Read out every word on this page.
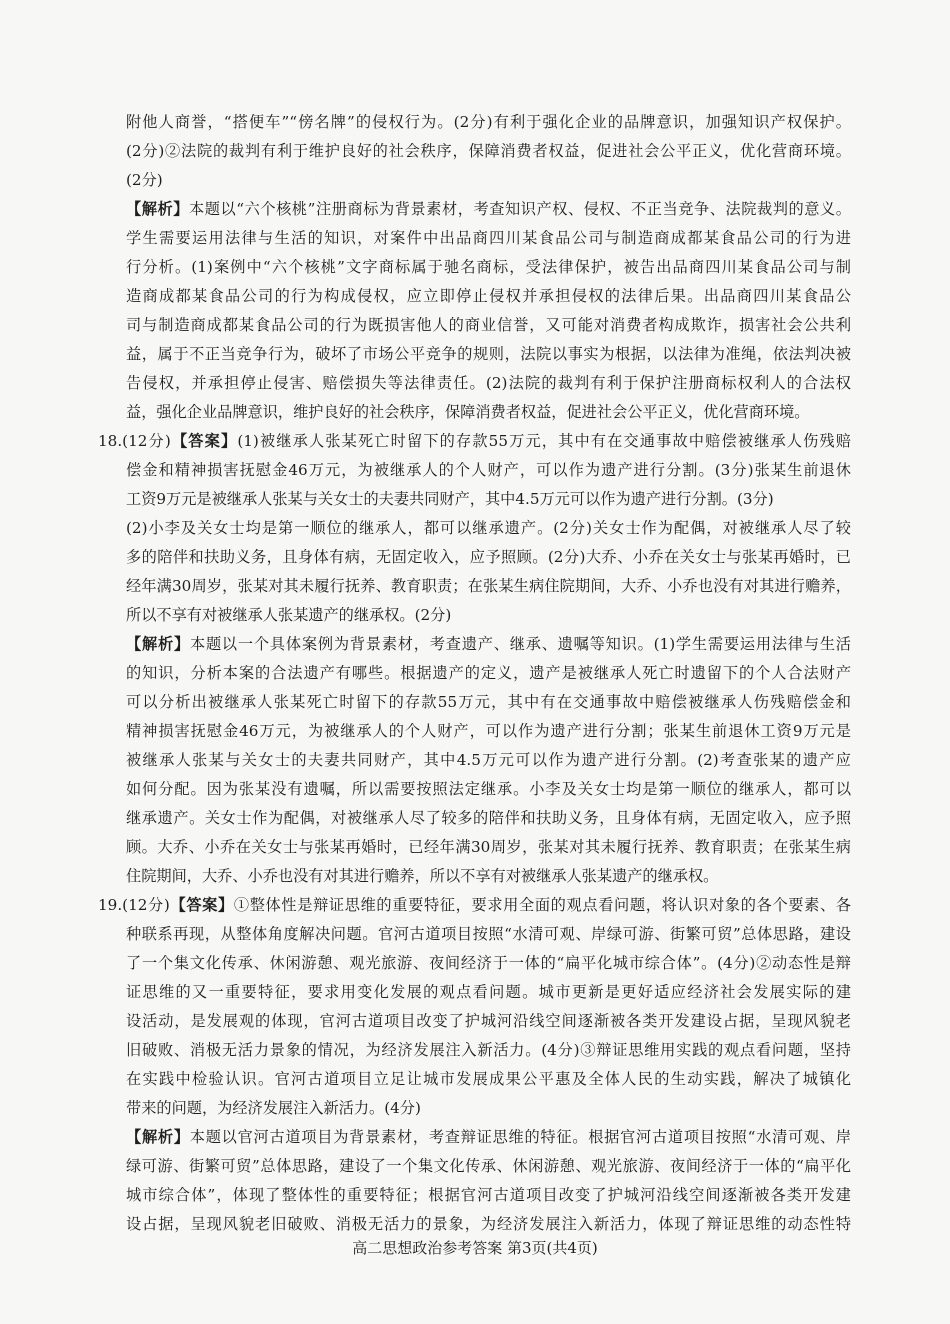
附他人商誉，“搭便车”“傍名牌”的侵权行为。(2分)有利于强化企业的品牌意识，加强知识产权保护。
(2分)②法院的裁判有利于维护良好的社会秩序，保障消费者权益，促进社会公平正义，优化营商环境。
(2分)
【解析】本题以“六个核桃”注册商标为背景素材，考查知识产权、侵权、不正当竞争、法院裁判的意义。
学生需要运用法律与生活的知识，对案件中出品商四川某食品公司与制造商成都某食品公司的行为进
行分析。(1)案例中“六个核桃”文字商标属于驰名商标，受法律保护，被告出品商四川某食品公司与制
造商成都某食品公司的行为构成侵权，应立即停止侵权并承担侵权的法律后果。出品商四川某食品公
司与制造商成都某食品公司的行为既损害他人的商业信誉，又可能对消费者构成欺诈，损害社会公共利
益，属于不正当竞争行为，破坏了市场公平竞争的规则，法院以事实为根据，以法律为准绳，依法判决被
告侵权，并承担停止侵害、赔偿损失等法律责任。(2)法院的裁判有利于保护注册商标权利人的合法权
益，强化企业品牌意识，维护良好的社会秩序，保障消费者权益，促进社会公平正义，优化营商环境。
18.(12分)【答案】(1)被继承人张某死亡时留下的存款55万元，其中有在交通事故中赔偿被继承人伤残赔
偿金和精神损害抚慰金46万元，为被继承人的个人财产，可以作为遗产进行分割。(3分)张某生前退休
工资9万元是被继承人张某与关女士的夫妻共同财产，其中4.5万元可以作为遗产进行分割。(3分)
(2)小李及关女士均是第一顺位的继承人，都可以继承遗产。(2分)关女士作为配偶，对被继承人尽了较
多的陪伴和扶助义务，且身体有病，无固定收入，应予照顾。(2分)大乔、小乔在关女士与张某再婚时，已
经年满30周岁，张某对其未履行抚养、教育职责；在张某生病住院期间，大乔、小乔也没有对其进行赡养，
所以不享有对被继承人张某遗产的继承权。(2分)
【解析】本题以一个具体案例为背景素材，考查遗产、继承、遗嘱等知识。(1)学生需要运用法律与生活
的知识，分析本案的合法遗产有哪些。根据遗产的定义，遗产是被继承人死亡时遗留下的个人合法财产
可以分析出被继承人张某死亡时留下的存款55万元，其中有在交通事故中赔偿被继承人伤残赔偿金和
精神损害抚慰金46万元，为被继承人的个人财产，可以作为遗产进行分割；张某生前退休工资9万元是
被继承人张某与关女士的夫妻共同财产，其中4.5万元可以作为遗产进行分割。(2)考查张某的遗产应
如何分配。因为张某没有遗嘱，所以需要按照法定继承。小李及关女士均是第一顺位的继承人，都可以
继承遗产。关女士作为配偶，对被继承人尽了较多的陪伴和扶助义务，且身体有病，无固定收入，应予照
顾。大乔、小乔在关女士与张某再婚时，已经年满30周岁，张某对其未履行抚养、教育职责；在张某生病
住院期间，大乔、小乔也没有对其进行赡养，所以不享有对被继承人张某遗产的继承权。
19.(12分)【答案】①整体性是辩证思维的重要特征，要求用全面的观点看问题，将认识对象的各个要素、各
种联系再现，从整体角度解决问题。官河古道项目按照“水清可观、岸绿可游、街繁可贸”总体思路，建设
了一个集文化传承、休闲游憩、观光旅游、夜间经济于一体的“扁平化城市综合体”。(4分)②动态性是辩
证思维的又一重要特征，要求用变化发展的观点看问题。城市更新是更好适应经济社会发展实际的建
设活动，是发展观的体现，官河古道项目改变了护城河沿线空间逐渐被各类开发建设占据，呈现风貌老
旧破败、消极无活力景象的情况，为经济发展注入新活力。(4分)③辩证思维用实践的观点看问题，坚持
在实践中检验认识。官河古道项目立足让城市发展成果公平惠及全体人民的生动实践，解决了城镇化
带来的问题，为经济发展注入新活力。(4分)
【解析】本题以官河古道项目为背景素材，考查辩证思维的特征。根据官河古道项目按照“水清可观、岸
绿可游、街繁可贸”总体思路，建设了一个集文化传承、休闲游憩、观光旅游、夜间经济于一体的“扁平化
城市综合体”，体现了整体性的重要特征；根据官河古道项目改变了护城河沿线空间逐渐被各类开发建
设占据，呈现风貌老旧破败、消极无活力的景象，为经济发展注入新活力，体现了辩证思维的动态性特
高二思想政治参考答案 第3页(共4页)
